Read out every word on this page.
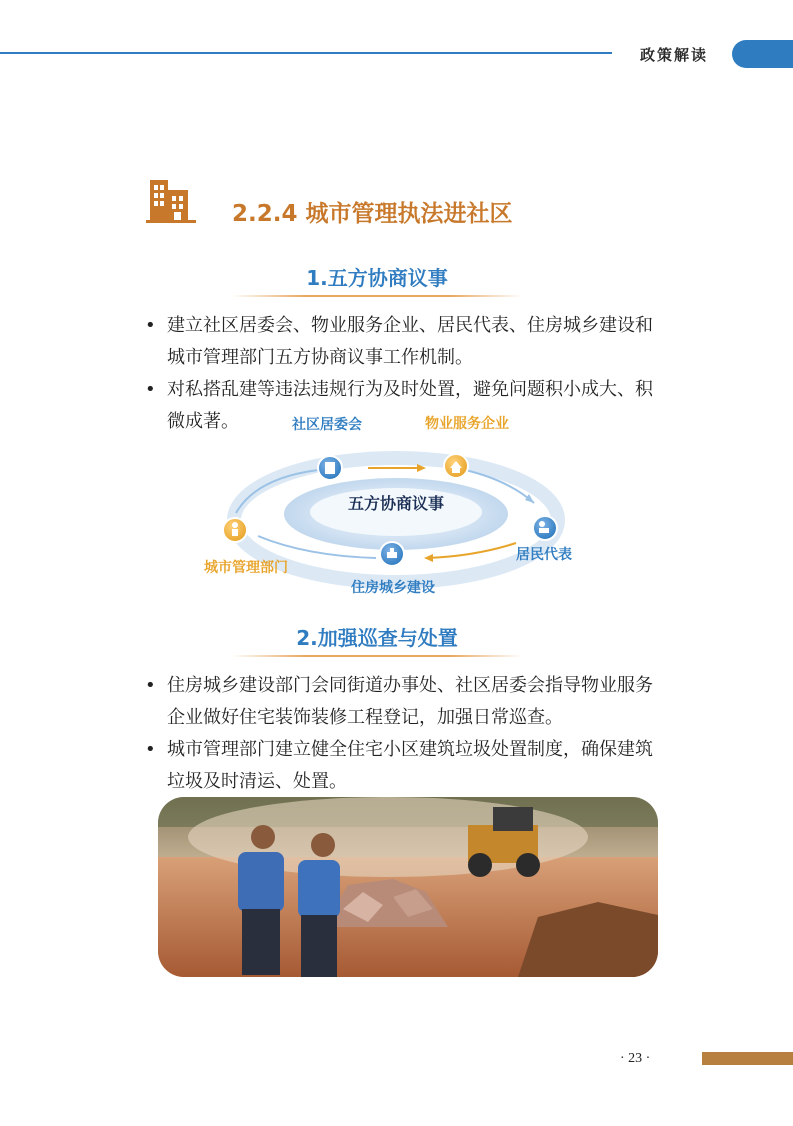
政策解读
2.2.4 城市管理执法进社区
1.五方协商议事
• 建立社区居委会、物业服务企业、居民代表、住房城乡建设和城市管理部门五方协商议事工作机制。
• 对私搭乱建等违法违规行为及时处置，避免问题积小成大、积微成著。
五方协商议事
社区居委会	物业服务企业
居民代表
住房城乡建设
城市管理部门
2.加强巡查与处置
• 住房城乡建设部门会同街道办事处、社区居委会指导物业服务企业做好住宅装饰装修工程登记，加强日常巡查。
• 城市管理部门建立健全住宅小区建筑垃圾处置制度，确保建筑垃圾及时清运、处置。
· 23 ·
